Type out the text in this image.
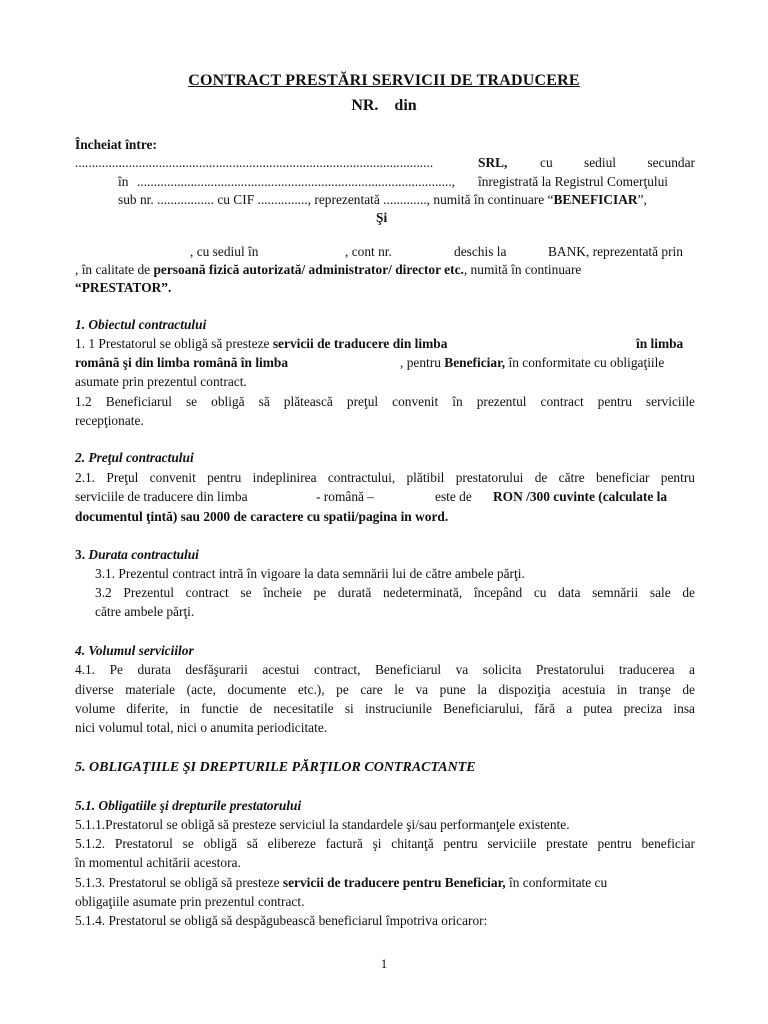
CONTRACT PRESTĂRI SERVICII DE TRADUCERE
NR. din
Încheiat între:
...........................................................................................................	SRL, cu sediul secundar
în .............................................................................................., înregistrată la Registrul Comerţului
sub nr. ................. cu CIF ..............., reprezentată ............., numită în continuare “BENEFICIAR”,
Şi
, cu sediul în	, cont nr.	deschis la	BANK, reprezentată prin
, în calitate de persoană fizică autorizată/ administrator/ director etc., numită în continuare
“PRESTATOR”.
1. Obiectul contractului
1. 1 Prestatorul se obligă să presteze servicii de traducere din limba	în limba
română şi din limba română în limba	, pentru Beneficiar, în conformitate cu obligaţiile
asumate prin prezentul contract.
1.2 Beneficiarul se obligă să plătească preţul convenit în prezentul contract pentru serviciile
recepţionate.
2. Preţul contractului
2.1. Preţul convenit pentru indeplinirea contractului, plătibil prestatorului de către beneficiar pentru
serviciile de traducere din limba	- română –	este de RON /300 cuvinte (calculate la
documentul ţintă) sau 2000 de caractere cu spatii/pagina in word.
3. Durata contractului
3.1. Prezentul contract intră în vigoare la data semnării lui de către ambele părţi.
3.2 Prezentul contract se încheie pe durată nedeterminată, începând cu data semnării sale de
către ambele părţi.
4. Volumul serviciilor
4.1. Pe durata desfăşurarii acestui contract, Beneficiarul va solicita Prestatorului traducerea a
diverse materiale (acte, documente etc.), pe care le va pune la dispoziţia acestuia in tranşe de
volume diferite, in functie de necesitatile si instruciunile Beneficiarului, fără a putea preciza insa
nici volumul total, nici o anumita periodicitate.
5. OBLIGAŢIILE ŞI DREPTURILE PĂRŢILOR CONTRACTANTE
5.1. Obligatiile şi drepturile prestatorului
5.1.1.Prestatorul se obligă să presteze serviciul la standardele şi/sau performanţele existente.
5.1.2. Prestatorul se obligă să elibereze factură şi chitanţă pentru serviciile prestate pentru beneficiar
în momentul achitării acestora.
5.1.3. Prestatorul se obligă să presteze servicii de traducere pentru Beneficiar, în conformitate cu
obligaţiile asumate prin prezentul contract.
5.1.4. Prestatorul se obligă să despăgubească beneficiarul împotriva oricaror:
1
